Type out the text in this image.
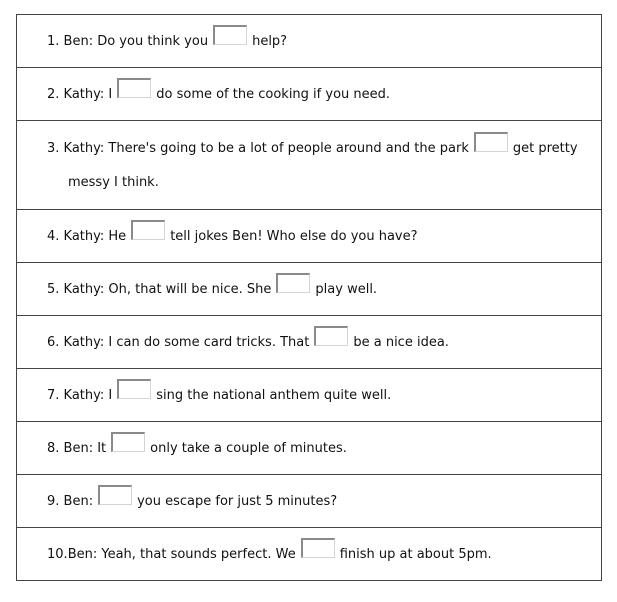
1.
Ben: Do you think you	help?
2.
Kathy: I	do some of the cooking if you need.
3.
Kathy: There's going to be a lot of people around and the park	get pretty
messy I think.
4.
Kathy: He	tell jokes Ben! Who else do you have?
5.
Kathy: Oh, that will be nice. She	play well.
6.
Kathy: I can do some card tricks. That	be a nice idea.
7.
Kathy: I	sing the national anthem quite well.
8.
Ben: It	only take a couple of minutes.
9.
Ben:	you escape for just 5 minutes?
10. Ben: Yeah, that sounds perfect. We	finish up at about 5pm.
